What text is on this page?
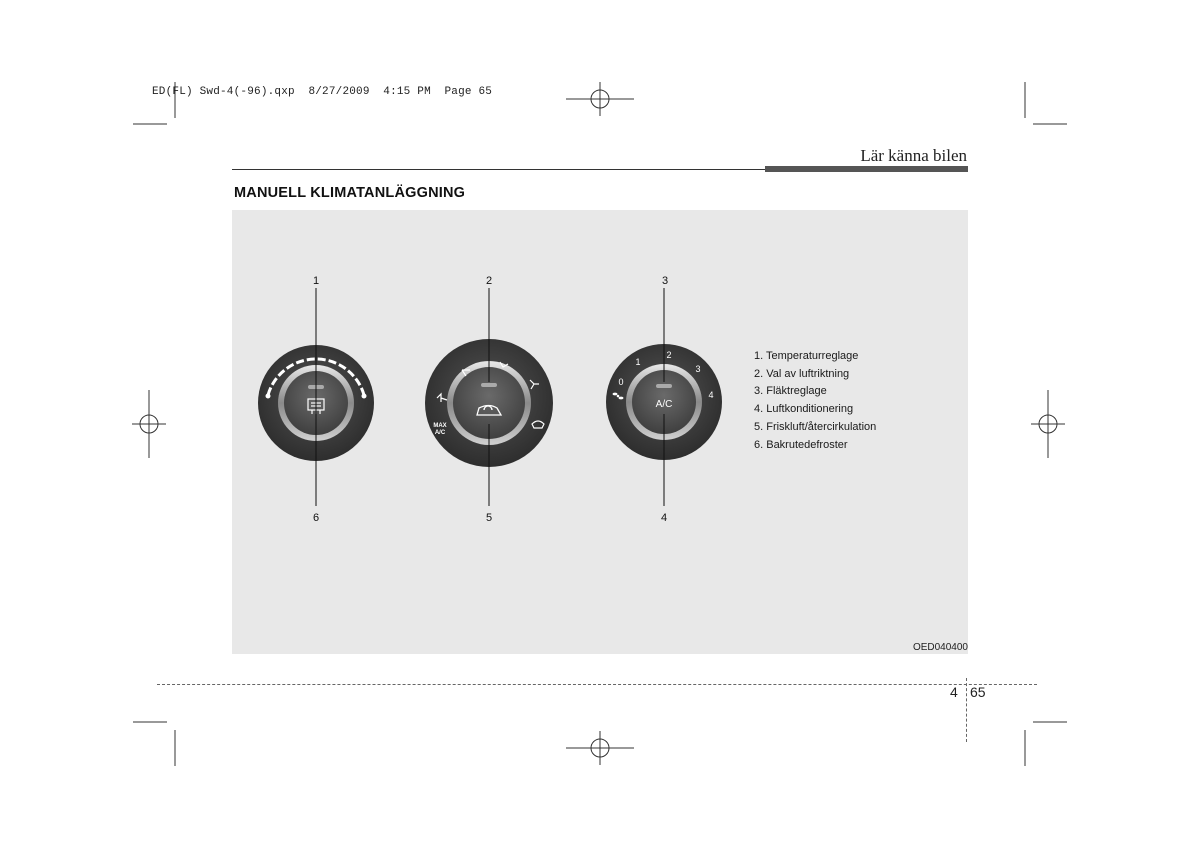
ED(FL) Swd-4(-96).qxp 8/27/2009 4:15 PM Page 65
Lär känna bilen
MANUELL KLIMATANLÄGGNING
MAX
A/C
A/C
0
1
2
3
4
1	2	3
4
5
6
1. Temperaturreglage
2. Val av luftriktning
3. Fläktreglage
4. Luftkonditionering
5. Friskluft/återcirkulation
6. Bakrutedefroster
OED040400
4 65
